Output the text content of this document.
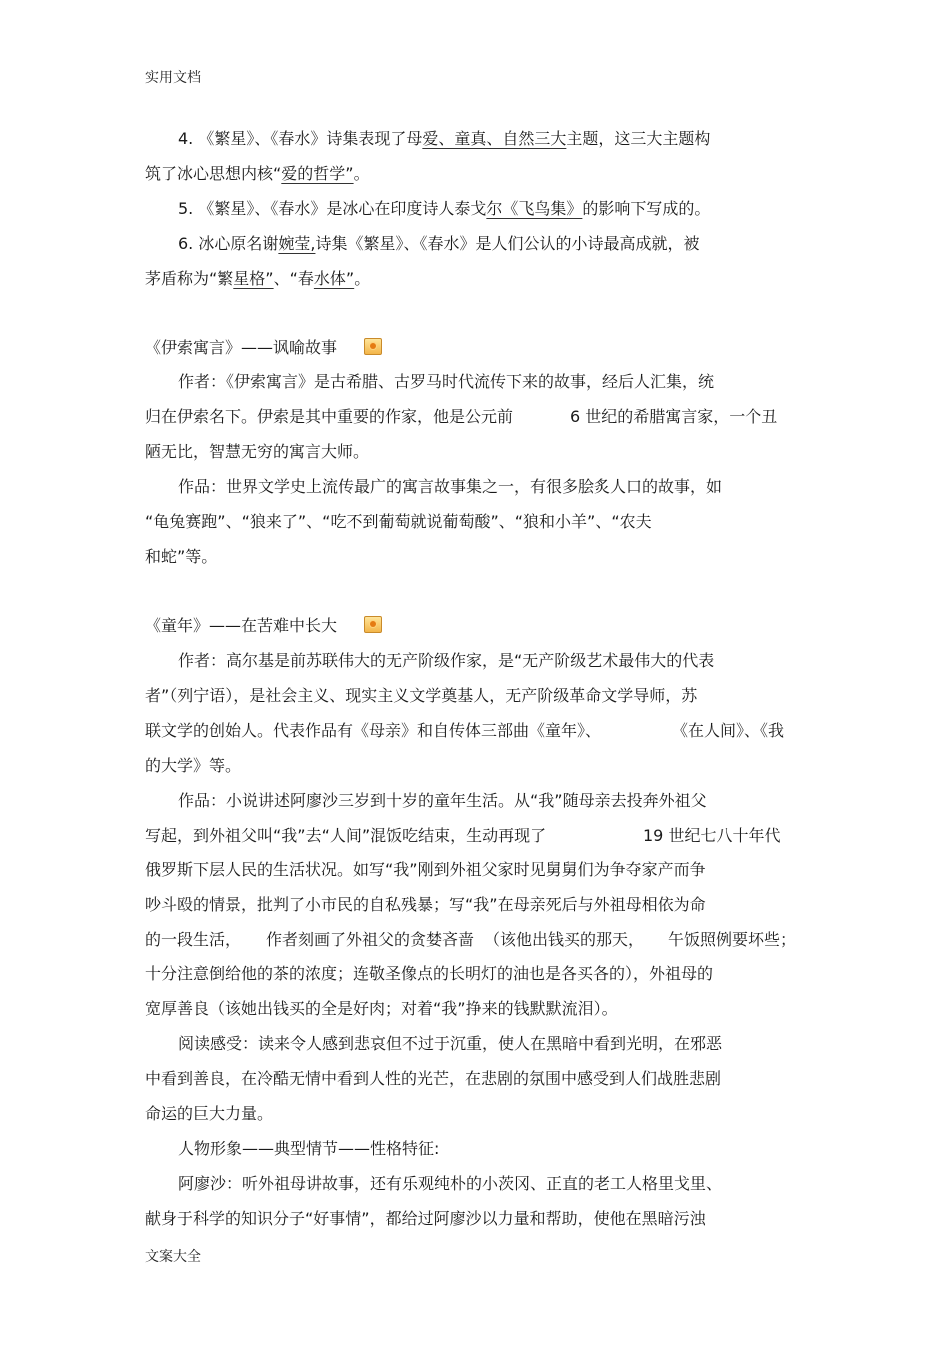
实用文档
文案大全
4. 《繁星》、《春水》诗集表现了母爱、童真、自然三大主题，这三大主题构
筑了冰心思想内核“爱的哲学”。
5. 《繁星》、《春水》是冰心在印度诗人泰戈尔《飞鸟集》的影响下写成的。
6. 冰心原名谢婉莹,诗集《繁星》、《春水》是人们公认的小诗最高成就，被
茅盾称为“繁星格”、“春水体”。
《伊索寓言》——讽喻故事
作者：《伊索寓言》是古希腊、古罗马时代流传下来的故事，经后人汇集，统
归在伊索名下。伊索是其中重要的作家，他是公元前	6 世纪的希腊寓言家，一个丑
陋无比，智慧无穷的寓言大师。
作品：世界文学史上流传最广的寓言故事集之一，有很多脍炙人口的故事，如
“龟兔赛跑”、“狼来了”、“吃不到葡萄就说葡萄酸”、“狼和小羊”、“农夫
和蛇”等。
《童年》——在苦难中长大
作者：高尔基是前苏联伟大的无产阶级作家，是“无产阶级艺术最伟大的代表
者”（列宁语），是社会主义、现实主义文学奠基人，无产阶级革命文学导师，苏
联文学的创始人。代表作品有《母亲》和自传体三部曲《童年》、	《在人间》、《我
的大学》等。
作品：小说讲述阿廖沙三岁到十岁的童年生活。从“我”随母亲去投奔外祖父
写起，到外祖父叫“我”去“人间”混饭吃结束，生动再现了	19 世纪七八十年代
俄罗斯下层人民的生活状况。如写“我”刚到外祖父家时见舅舅们为争夺家产而争
吵斗殴的情景，批判了小市民的自私残暴；写“我”在母亲死后与外祖母相依为命
的一段生活， 作者刻画了外祖父的贪婪吝啬 （该他出钱买的那天， 午饭照例要坏些；
十分注意倒给他的茶的浓度；连敬圣像点的长明灯的油也是各买各的），外祖母的
宽厚善良（该她出钱买的全是好肉；对着“我”挣来的钱默默流泪）。
阅读感受：读来令人感到悲哀但不过于沉重，使人在黑暗中看到光明，在邪恶
中看到善良，在冷酷无情中看到人性的光芒，在悲剧的氛围中感受到人们战胜悲剧
命运的巨大力量。
人物形象——典型情节——性格特征:
阿廖沙：听外祖母讲故事，还有乐观纯朴的小茨冈、正直的老工人格里戈里、
献身于科学的知识分子“好事情”，都给过阿廖沙以力量和帮助，使他在黑暗污浊
